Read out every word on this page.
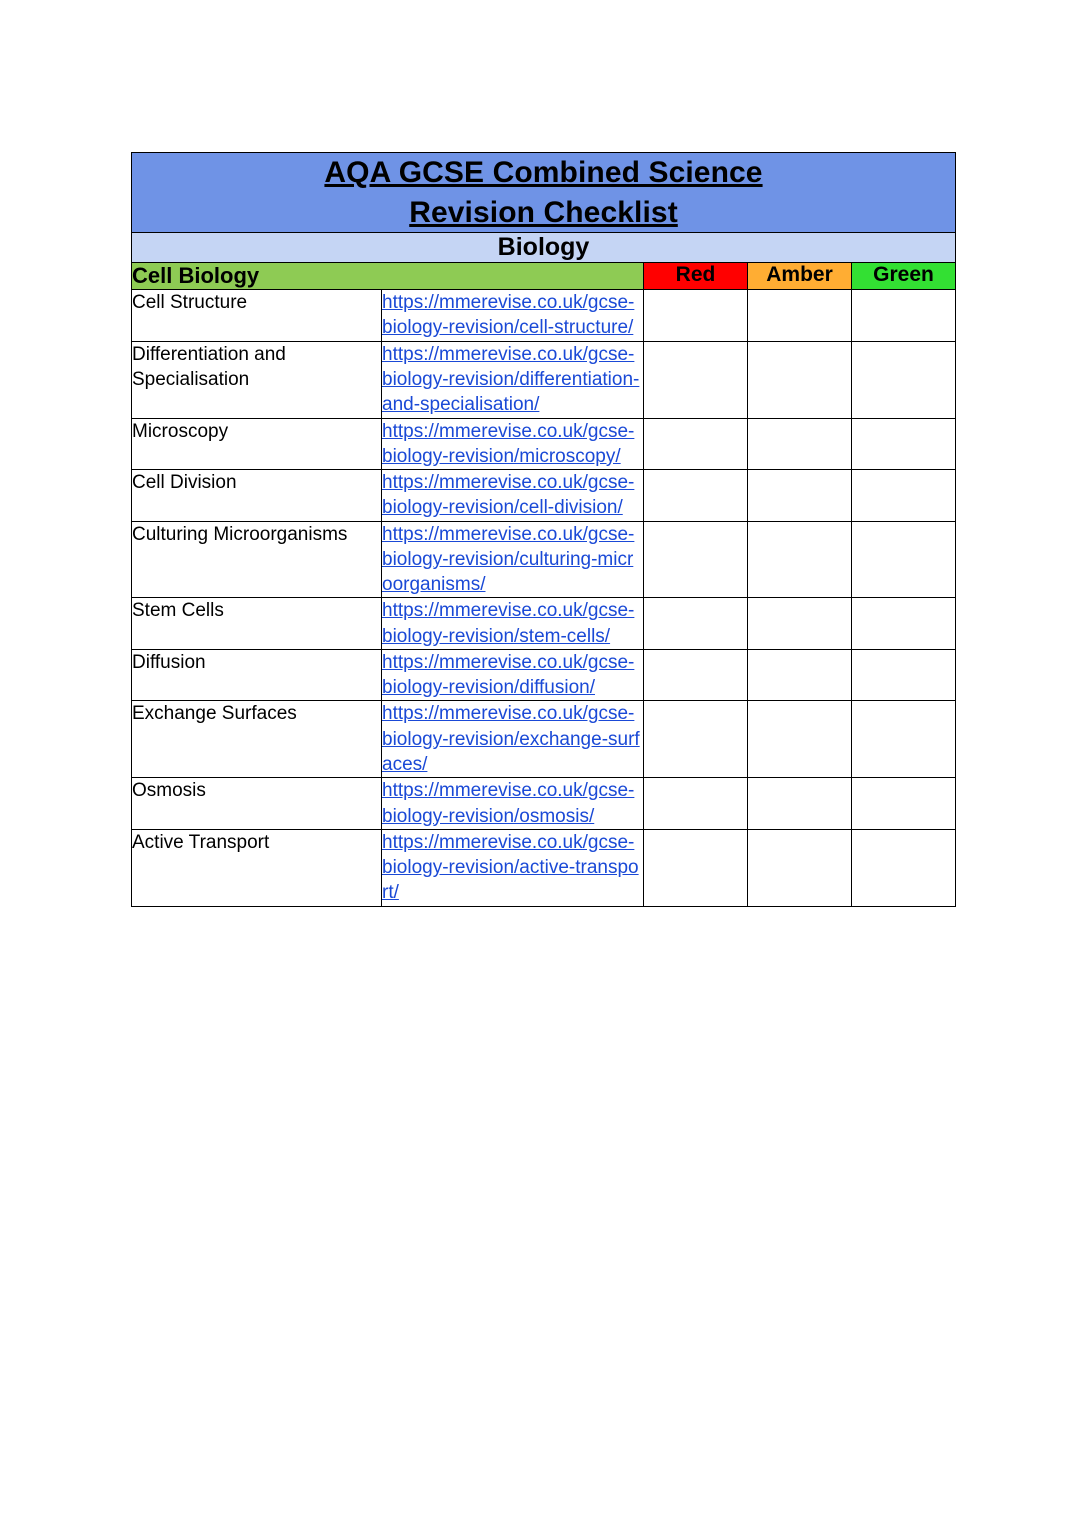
AQA GCSE Combined Science
Revision Checklist				

Biology				

Cell Biology		Red	Amber	Green

Cell Structure	https://mmerevise.co.uk/gcse-biology-revision/cell-structure/			
Differentiation and Specialisation	https://mmerevise.co.uk/gcse-biology-revision/differentiation-and-specialisation/			
Microscopy	https://mmerevise.co.uk/gcse-biology-revision/microscopy/			
Cell Division	https://mmerevise.co.uk/gcse-biology-revision/cell-division/			
Culturing Microorganisms	https://mmerevise.co.uk/gcse-biology-revision/culturing-microorganisms/			
Stem Cells	https://mmerevise.co.uk/gcse-biology-revision/stem-cells/			
Diffusion	https://mmerevise.co.uk/gcse-biology-revision/diffusion/			
Exchange Surfaces	https://mmerevise.co.uk/gcse-biology-revision/exchange-surfaces/			
Osmosis	https://mmerevise.co.uk/gcse-biology-revision/osmosis/			
Active Transport	https://mmerevise.co.uk/gcse-biology-revision/active-transport/			
